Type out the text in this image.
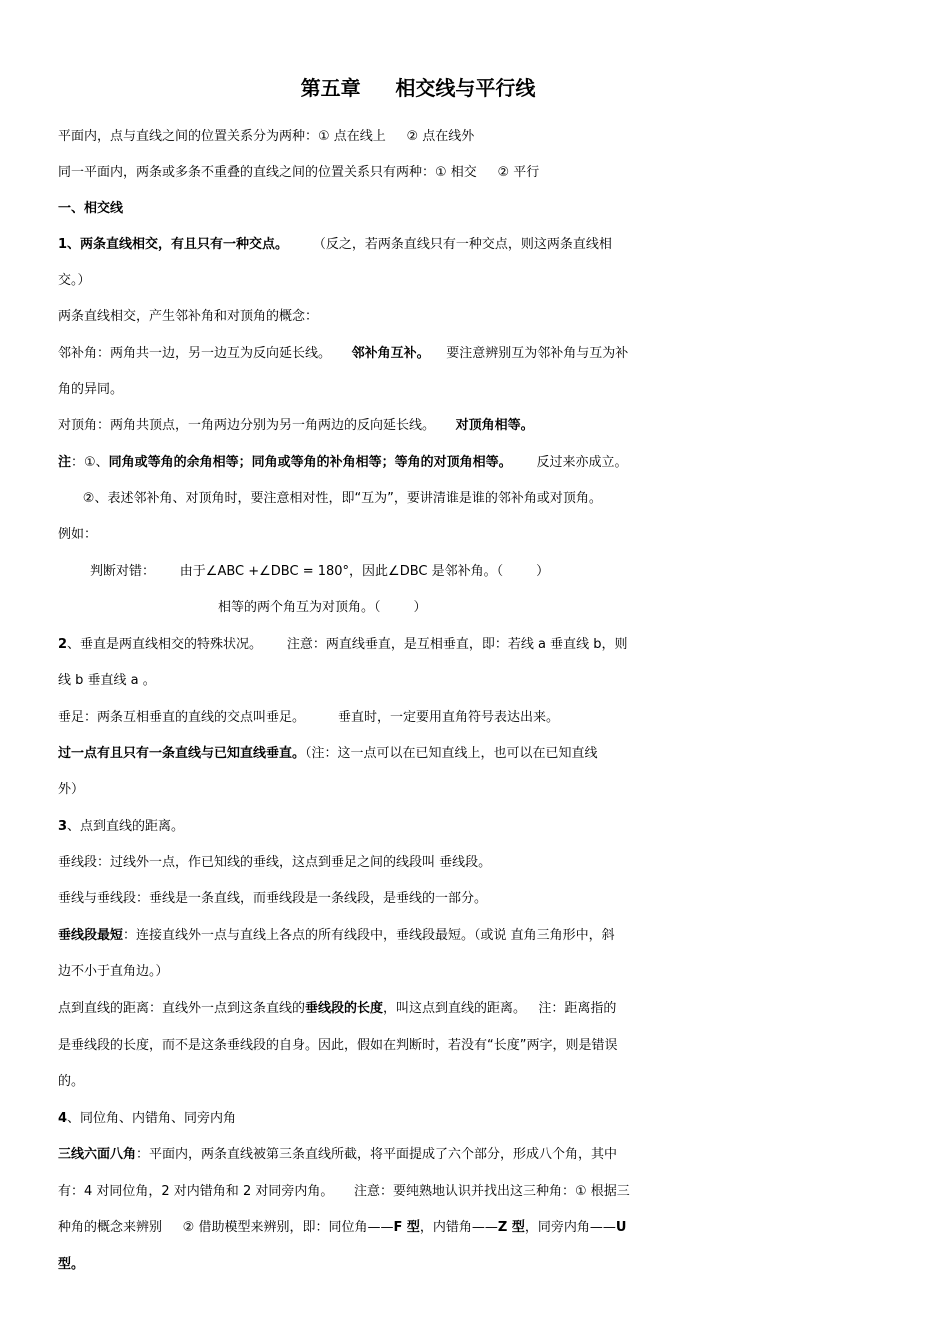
第五章     相交线与平行线
平面内，点与直线之间的位置关系分为两种：① 点在线上     ② 点在线外
同一平面内，两条或多条不重叠的直线之间的位置关系只有两种：① 相交     ② 平行
一、相交线
1、两条直线相交，有且只有一种交点。      （反之，若两条直线只有一种交点，则这两条直线相
交。）
两条直线相交，产生邻补角和对顶角的概念：
邻补角：两角共一边，另一边互为反向延长线。     邻补角互补。    要注意辨别互为邻补角与互为补
角的异同。
对顶角：两角共顶点，一角两边分别为另一角两边的反向延长线。     对顶角相等。
注：①、同角或等角的余角相等；同角或等角的补角相等；等角的对顶角相等。      反过来亦成立。
②、表述邻补角、对顶角时，要注意相对性，即“互为”，要讲清谁是谁的邻补角或对顶角。
例如：
判断对错：      由于∠ABC +∠DBC = 180°，因此∠DBC 是邻补角。（        ）
相等的两个角互为对顶角。（        ）
2、垂直是两直线相交的特殊状况。      注意：两直线垂直，是互相垂直，即：若线 a 垂直线 b，则
线 b 垂直线 a 。
垂足：两条互相垂直的直线的交点叫垂足。        垂直时，一定要用直角符号表达出来。
过一点有且只有一条直线与已知直线垂直。（注：这一点可以在已知直线上，也可以在已知直线
外）
3、点到直线的距离。
垂线段：过线外一点，作已知线的垂线，这点到垂足之间的线段叫 垂线段。
垂线与垂线段：垂线是一条直线，而垂线段是一条线段，是垂线的一部分。
垂线段最短：连接直线外一点与直线上各点的所有线段中，垂线段最短。（或说 直角三角形中，斜
边不小于直角边。）
点到直线的距离：直线外一点到这条直线的垂线段的长度，叫这点到直线的距离。   注：距离指的
是垂线段的长度，而不是这条垂线段的自身。因此，假如在判断时，若没有“长度”两字，则是错误
的。
4、同位角、内错角、同旁内角
三线六面八角：平面内，两条直线被第三条直线所截，将平面提成了六个部分，形成八个角，其中
有：4 对同位角，2 对内错角和 2 对同旁内角。     注意：要纯熟地认识并找出这三种角：① 根据三
种角的概念来辨别     ② 借助模型来辨别，即：同位角——F 型，内错角——Z 型，同旁内角——U
型。
